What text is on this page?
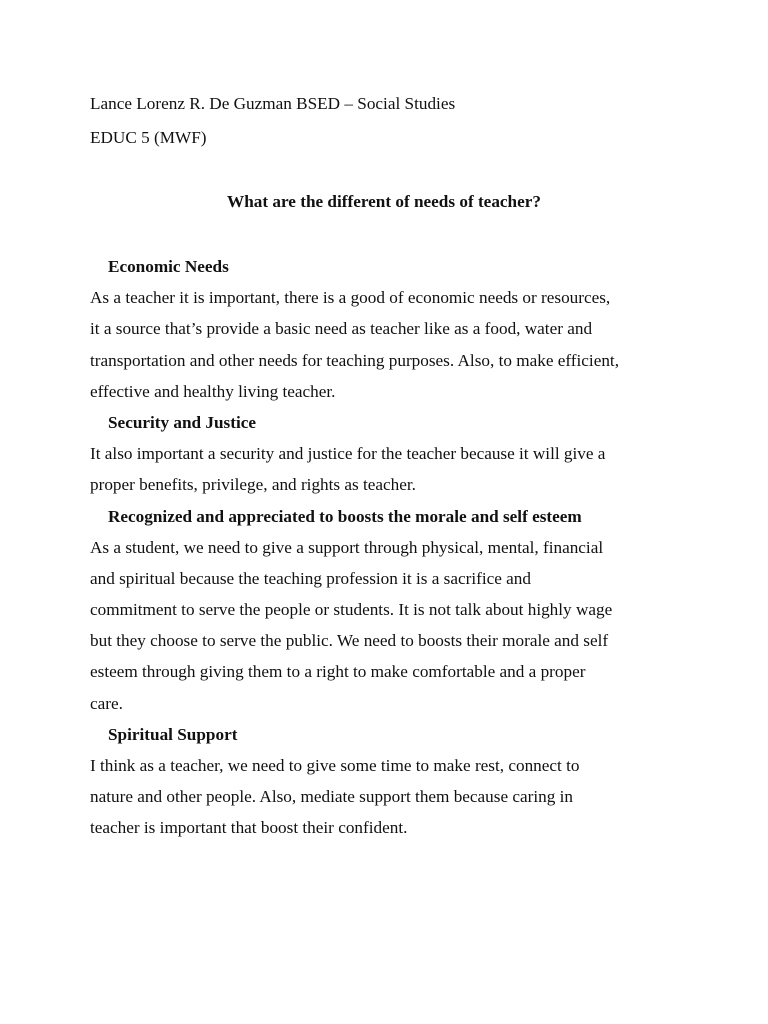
Lance Lorenz R. De Guzman BSED – Social Studies
EDUC 5 (MWF)
What are the different of needs of teacher?
Economic Needs
As a teacher it is important, there is a good of economic needs or resources,
it a source that’s provide a basic need as teacher like as a food, water and
transportation and other needs for teaching purposes. Also, to make efficient,
effective and healthy living teacher.
Security and Justice
It also important a security and justice for the teacher because it will give a
proper benefits, privilege, and rights as teacher.
Recognized and appreciated to boosts the morale and self esteem
As a student, we need to give a support through physical, mental, financial
and spiritual because the teaching profession it is a sacrifice and
commitment to serve the people or students. It is not talk about highly wage
but they choose to serve the public. We need to boosts their morale and self
esteem through giving them to a right to make comfortable and a proper
care.
Spiritual Support
I think as a teacher, we need to give some time to make rest, connect to
nature and other people. Also, mediate support them because caring in
teacher is important that boost their confident.
